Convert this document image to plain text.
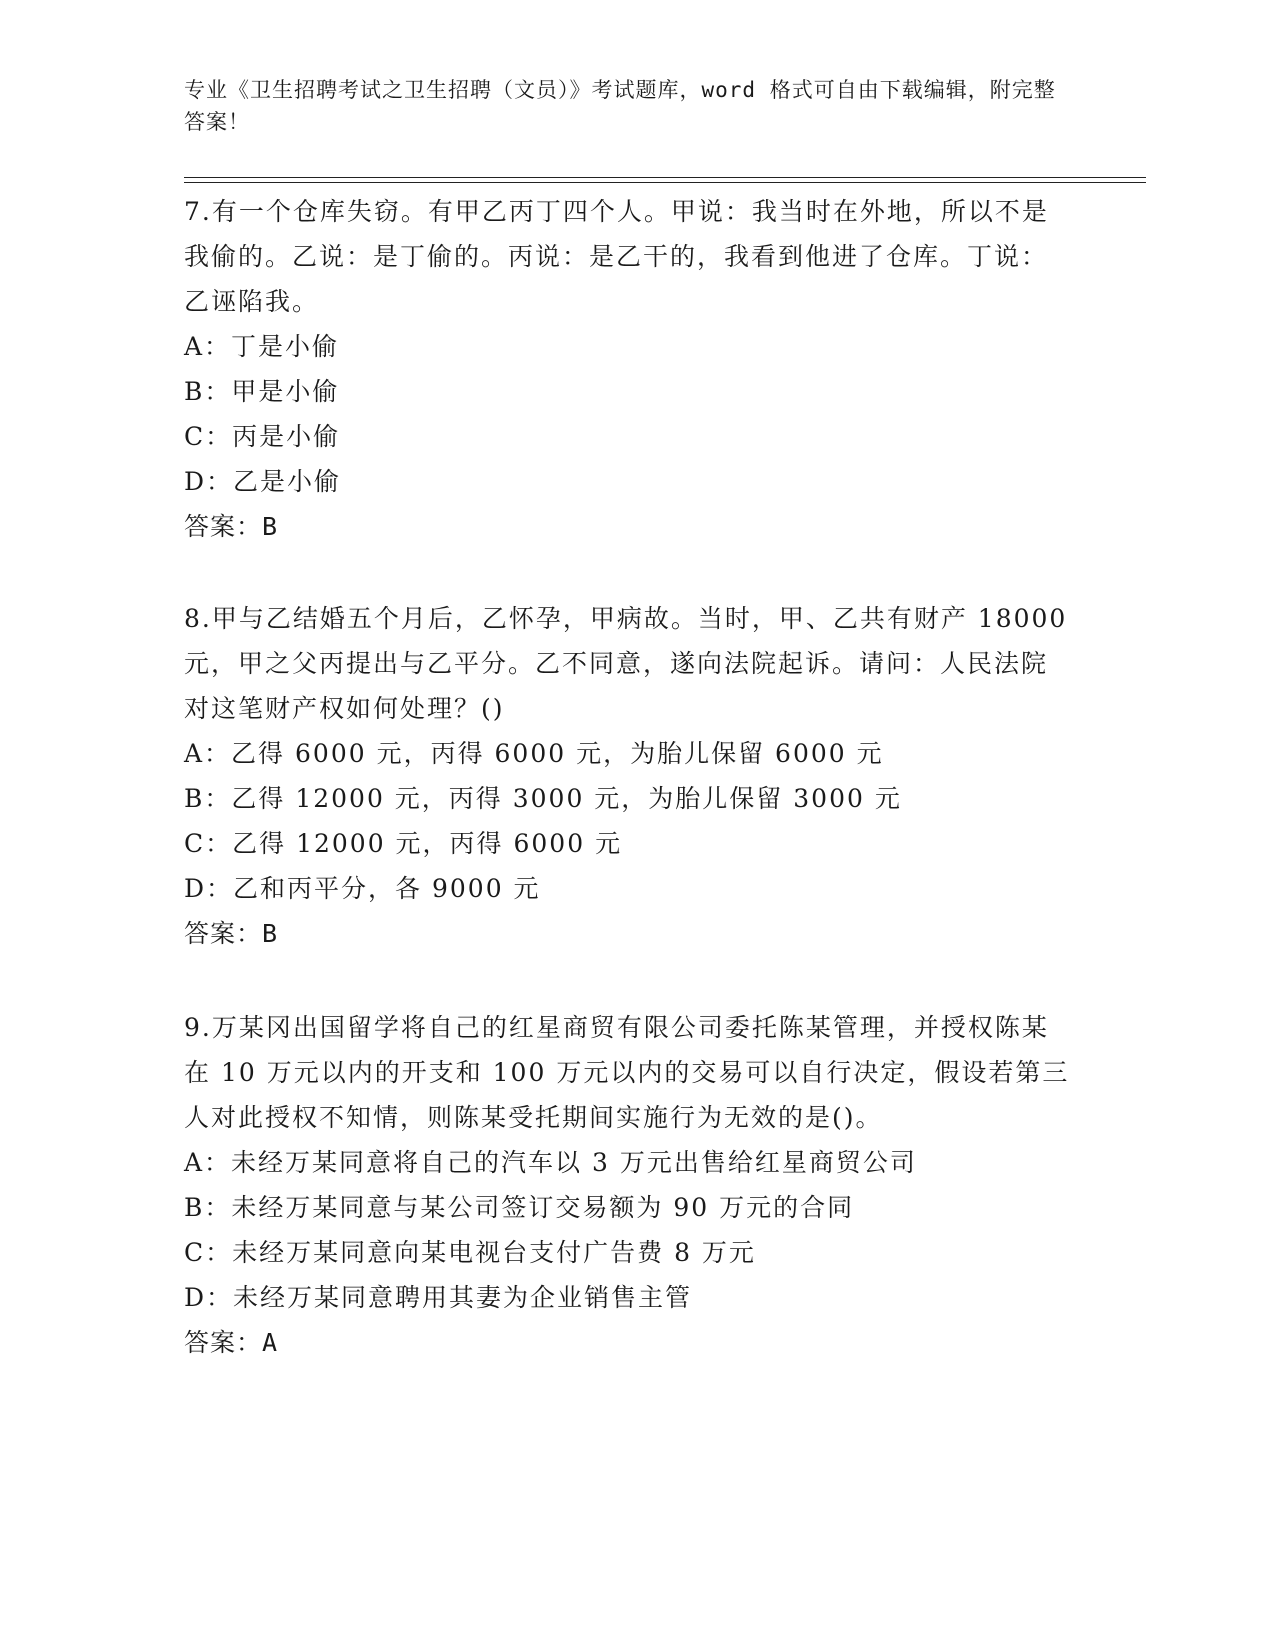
专业《卫生招聘考试之卫生招聘（文员）》考试题库，word 格式可自由下载编辑，附完整答案！

7.有一个仓库失窃。有甲乙丙丁四个人。甲说：我当时在外地，所以不是我偷的。乙说：是丁偷的。丙说：是乙干的，我看到他进了仓库。丁说：乙诬陷我。

A：丁是小偷
B：甲是小偷
C：丙是小偷
D：乙是小偷
答案：B

8.甲与乙结婚五个月后，乙怀孕，甲病故。当时，甲、乙共有财产 18000 元，甲之父丙提出与乙平分。乙不同意，遂向法院起诉。请问：人民法院对这笔财产权如何处理？()

A：乙得 6000 元，丙得 6000 元，为胎儿保留 6000 元
B：乙得 12000 元，丙得 3000 元，为胎儿保留 3000 元
C：乙得 12000 元，丙得 6000 元
D：乙和丙平分，各 9000 元
答案：B

9.万某冈出国留学将自己的红星商贸有限公司委托陈某管理，并授权陈某在 10 万元以内的开支和 100 万元以内的交易可以自行决定，假设若第三人对此授权不知情，则陈某受托期间实施行为无效的是()。

A：未经万某同意将自己的汽车以 3 万元出售给红星商贸公司
B：未经万某同意与某公司签订交易额为 90 万元的合同
C：未经万某同意向某电视台支付广告费 8 万元
D：未经万某同意聘用其妻为企业销售主管
答案：A
